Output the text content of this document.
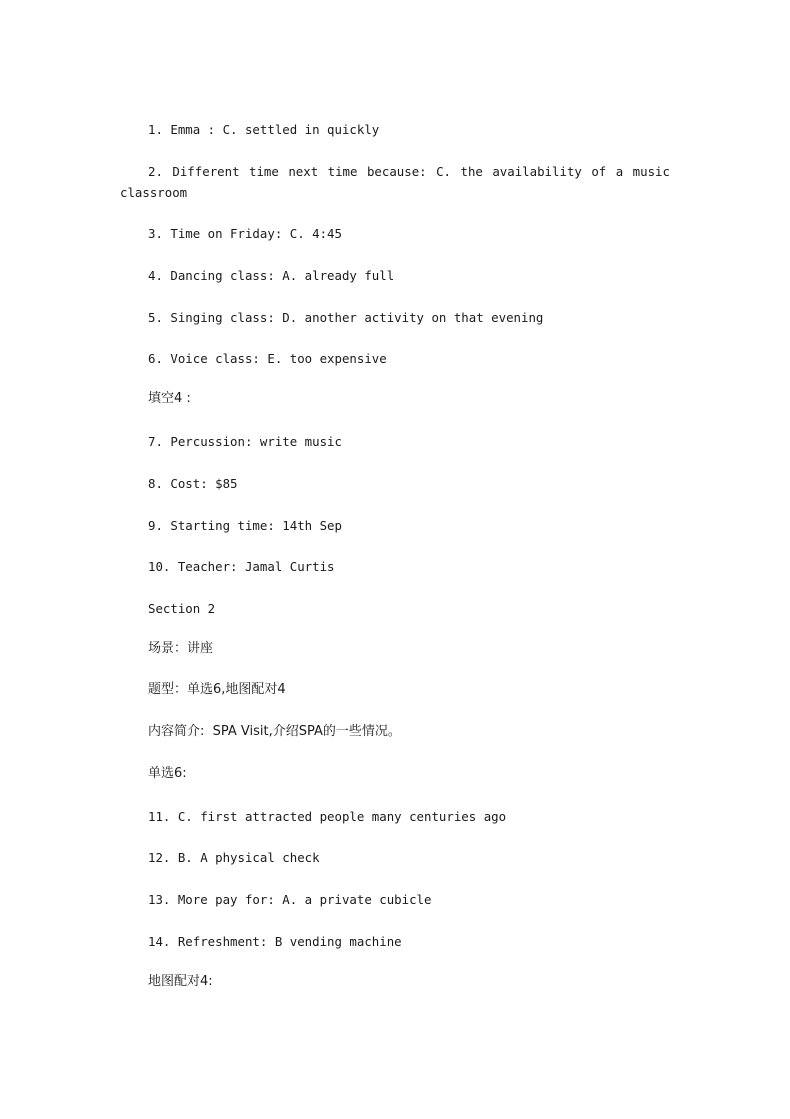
1. Emma : C. settled in quickly
2. Different time next time because: C. the availability of a music
classroom
3. Time on Friday: C. 4:45
4. Dancing class: A. already full
5. Singing class: D. another activity on that evening
6. Voice class: E. too expensive
填空4 :
7. Percussion: write music
8. Cost: $85
9. Starting time: 14th Sep
10. Teacher: Jamal Curtis
Section 2
场景：讲座
题型：单选6,地图配对4
内容简介:  SPA Visit,介绍SPA的一些情况。
单选6:
11. C. first attracted people many centuries ago
12. B. A physical check
13. More pay for: A. a private cubicle
14. Refreshment: B vending machine
地图配对4:
